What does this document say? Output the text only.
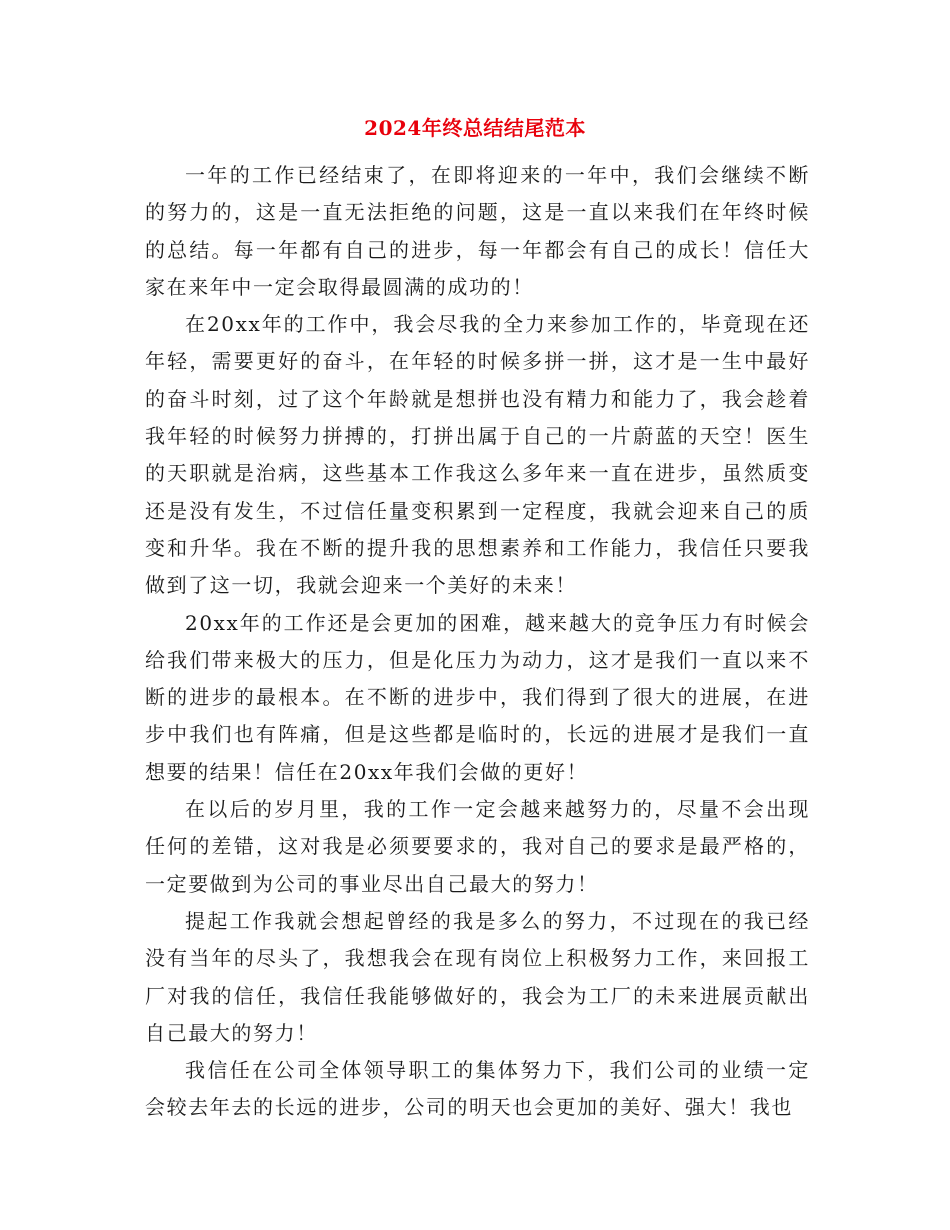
2024年终总结结尾范本

一年的工作已经结束了，在即将迎来的一年中，我们会继续不断的努力的，这是一直无法拒绝的问题，这是一直以来我们在年终时候的总结。每一年都有自己的进步，每一年都会有自己的成长！信任大家在来年中一定会取得最圆满的成功的！

在20xx年的工作中，我会尽我的全力来参加工作的，毕竟现在还年轻，需要更好的奋斗，在年轻的时候多拼一拼，这才是一生中最好的奋斗时刻，过了这个年龄就是想拼也没有精力和能力了，我会趁着我年轻的时候努力拼搏的，打拼出属于自己的一片蔚蓝的天空！医生的天职就是治病，这些基本工作我这么多年来一直在进步，虽然质变还是没有发生，不过信任量变积累到一定程度，我就会迎来自己的质变和升华。我在不断的提升我的思想素养和工作能力，我信任只要我做到了这一切，我就会迎来一个美好的未来！

20xx年的工作还是会更加的困难，越来越大的竞争压力有时候会给我们带来极大的压力，但是化压力为动力，这才是我们一直以来不断的进步的最根本。在不断的进步中，我们得到了很大的进展，在进步中我们也有阵痛，但是这些都是临时的，长远的进展才是我们一直想要的结果！信任在20xx年我们会做的更好！

在以后的岁月里，我的工作一定会越来越努力的，尽量不会出现任何的差错，这对我是必须要要求的，我对自己的要求是最严格的，一定要做到为公司的事业尽出自己最大的努力！

提起工作我就会想起曾经的我是多么的努力，不过现在的我已经没有当年的尽头了，我想我会在现有岗位上积极努力工作，来回报工厂对我的信任，我信任我能够做好的，我会为工厂的未来进展贡献出自己最大的努力！

我信任在公司全体领导职工的集体努力下，我们公司的业绩一定会较去年去的长远的进步，公司的明天也会更加的美好、强大！我也
